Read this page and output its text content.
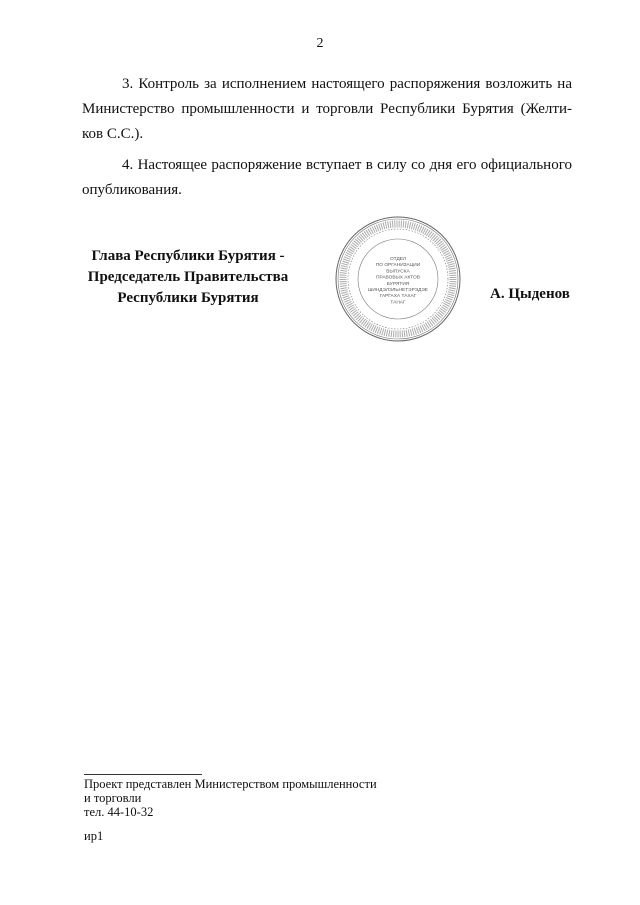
2
3. Контроль за исполнением настоящего распоряжения возложить на
Министерство промышленности и торговли Республики Бурятия (Желти-
ков С.С.).
4. Настоящее распоряжение вступает в силу со дня его официального
опубликования.
Глава Республики Бурятия -
Председатель Правительства
Республики Бурятия
ОТДЕЛ
ПО ОРГАНИЗАЦИИ
ВЫПУСКА
ПРАВОВЫХ АКТОВ
БУРЯТИЯ
ШИНДЭЛЭЛЬНЕТЭРЭДЭЕ
ГАРГАХА ТАХАГ
ТАНАГ
А. Цыденов
Проект представлен Министерством промышленности
и торговли
тел. 44-10-32
ир1
